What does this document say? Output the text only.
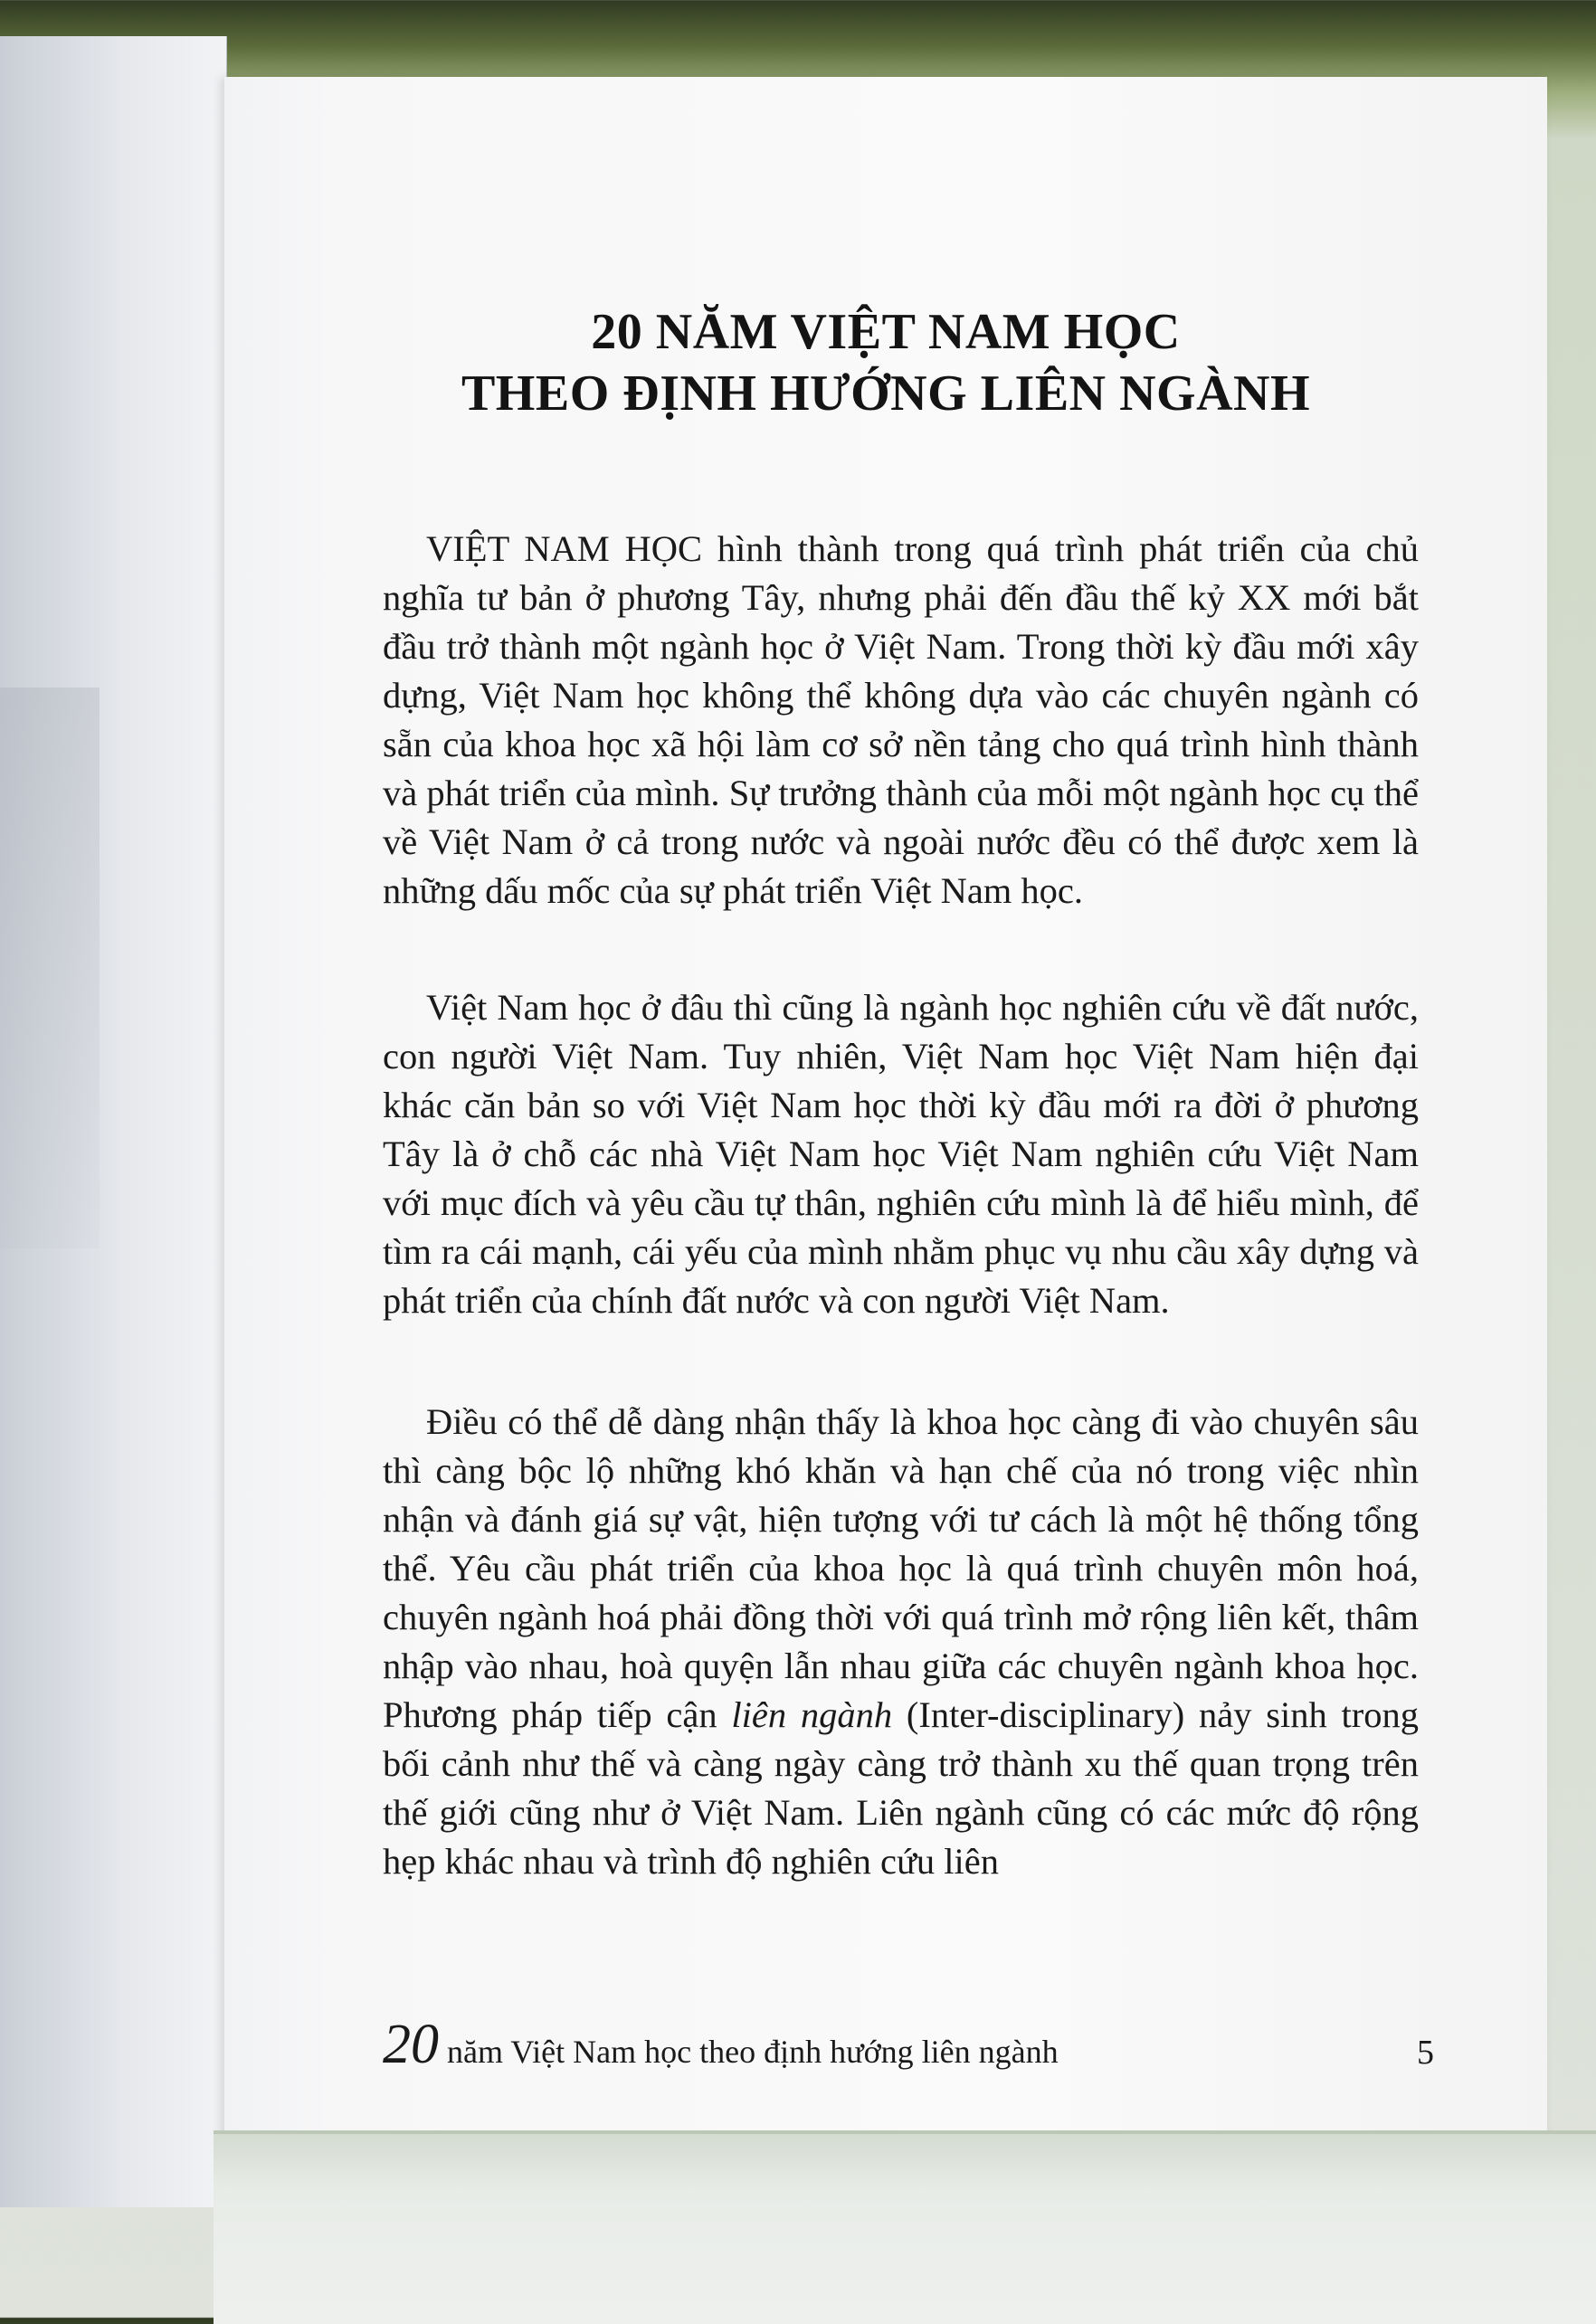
20 NĂM VIỆT NAM HỌC
THEO ĐỊNH HƯỚNG LIÊN NGÀNH

VIỆT NAM HỌC hình thành trong quá trình phát triển của chủ nghĩa tư bản ở phương Tây, nhưng phải đến đầu thế kỷ XX mới bắt đầu trở thành một ngành học ở Việt Nam. Trong thời kỳ đầu mới xây dựng, Việt Nam học không thể không dựa vào các chuyên ngành có sẵn của khoa học xã hội làm cơ sở nền tảng cho quá trình hình thành và phát triển của mình. Sự trưởng thành của mỗi một ngành học cụ thể về Việt Nam ở cả trong nước và ngoài nước đều có thể được xem là những dấu mốc của sự phát triển Việt Nam học.

Việt Nam học ở đâu thì cũng là ngành học nghiên cứu về đất nước, con người Việt Nam. Tuy nhiên, Việt Nam học Việt Nam hiện đại khác căn bản so với Việt Nam học thời kỳ đầu mới ra đời ở phương Tây là ở chỗ các nhà Việt Nam học Việt Nam nghiên cứu Việt Nam với mục đích và yêu cầu tự thân, nghiên cứu mình là để hiểu mình, để tìm ra cái mạnh, cái yếu của mình nhằm phục vụ nhu cầu xây dựng và phát triển của chính đất nước và con người Việt Nam.

Điều có thể dễ dàng nhận thấy là khoa học càng đi vào chuyên sâu thì càng bộc lộ những khó khăn và hạn chế của nó trong việc nhìn nhận và đánh giá sự vật, hiện tượng với tư cách là một hệ thống tổng thể. Yêu cầu phát triển của khoa học là quá trình chuyên môn hoá, chuyên ngành hoá phải đồng thời với quá trình mở rộng liên kết, thâm nhập vào nhau, hoà quyện lẫn nhau giữa các chuyên ngành khoa học. Phương pháp tiếp cận liên ngành (Inter-disciplinary) nảy sinh trong bối cảnh như thế và càng ngày càng trở thành xu thế quan trọng trên thế giới cũng như ở Việt Nam. Liên ngành cũng có các mức độ rộng hẹp khác nhau và trình độ nghiên cứu liên

20 năm Việt Nam học theo định hướng liên ngành	5
